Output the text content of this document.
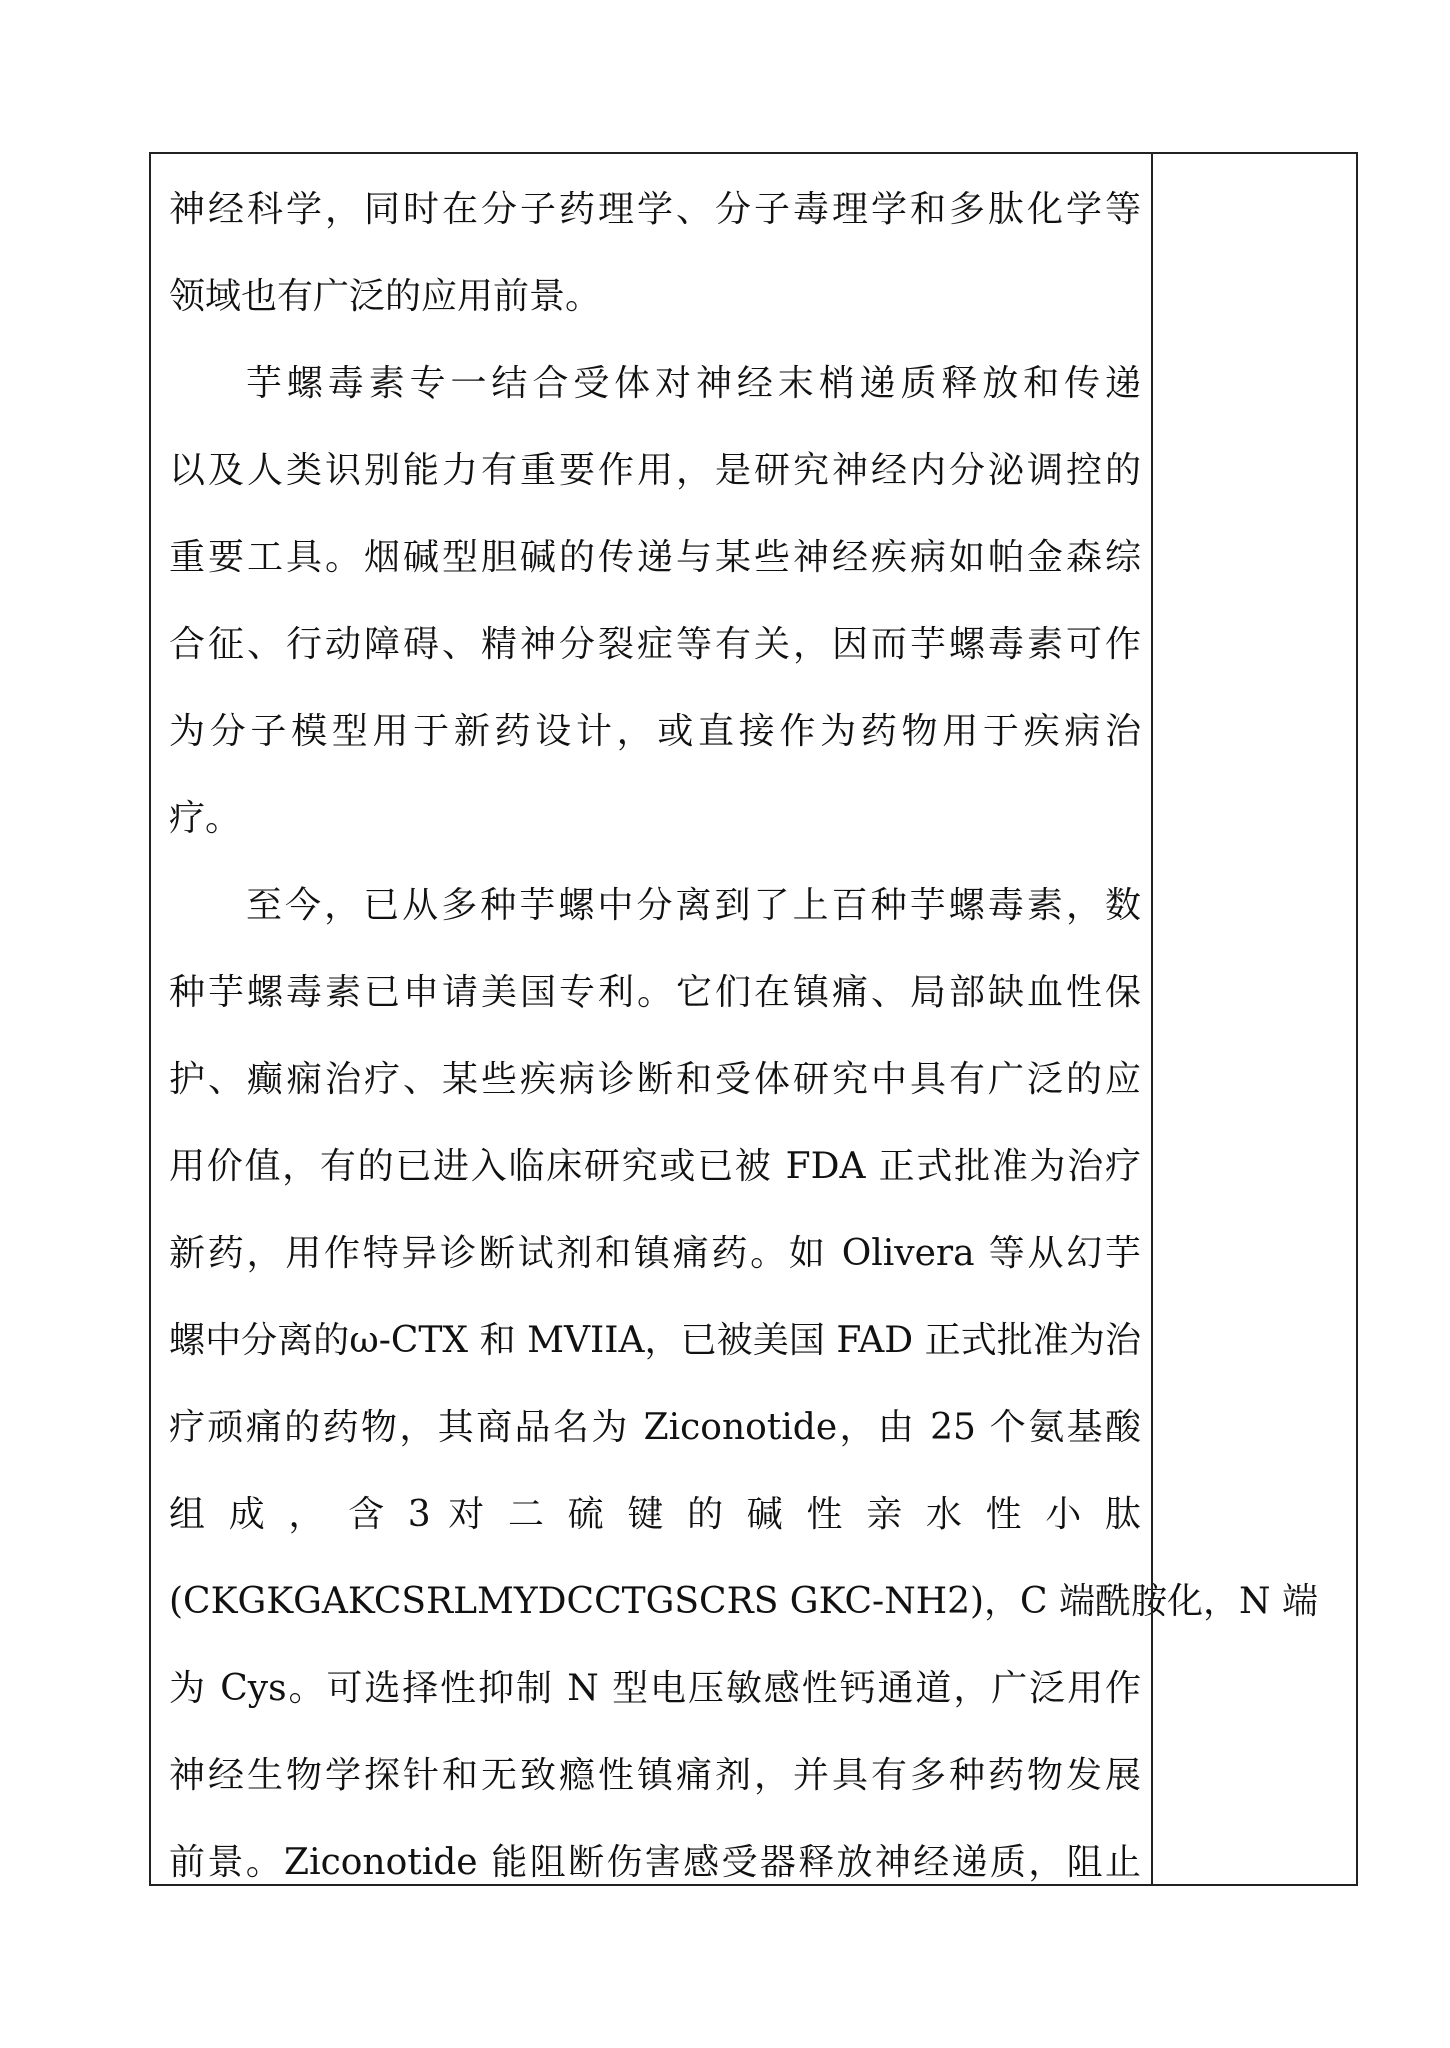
神经科学，同时在分子药理学、分子毒理学和多肽化学等
领域也有广泛的应用前景。
芋螺毒素专一结合受体对神经末梢递质释放和传递
以及人类识别能力有重要作用，是研究神经内分泌调控的
重要工具。烟碱型胆碱的传递与某些神经疾病如帕金森综
合征、行动障碍、精神分裂症等有关，因而芋螺毒素可作
为分子模型用于新药设计，或直接作为药物用于疾病治
疗。
至今，已从多种芋螺中分离到了上百种芋螺毒素，数
种芋螺毒素已申请美国专利。它们在镇痛、局部缺血性保
护、癫痫治疗、某些疾病诊断和受体研究中具有广泛的应
用价值，有的已进入临床研究或已被 FDA 正式批准为治疗
新药，用作特异诊断试剂和镇痛药。如 Olivera 等从幻芋
螺中分离的ω-CTX 和 MVIIA，已被美国 FAD 正式批准为治
疗顽痛的药物，其商品名为 Ziconotide，由 25 个氨基酸
组 成 ， 含 3 对 二 硫 键 的 碱 性 亲 水 性 小 肽
(CKGKGAKCSRLMYDCCTGSCRS GKC-NH2)，C 端酰胺化，N 端
为 Cys。可选择性抑制 N 型电压敏感性钙通道，广泛用作
神经生物学探针和无致瘾性镇痛剂，并具有多种药物发展
前景。Ziconotide 能阻断伤害感受器释放神经递质，阻止
